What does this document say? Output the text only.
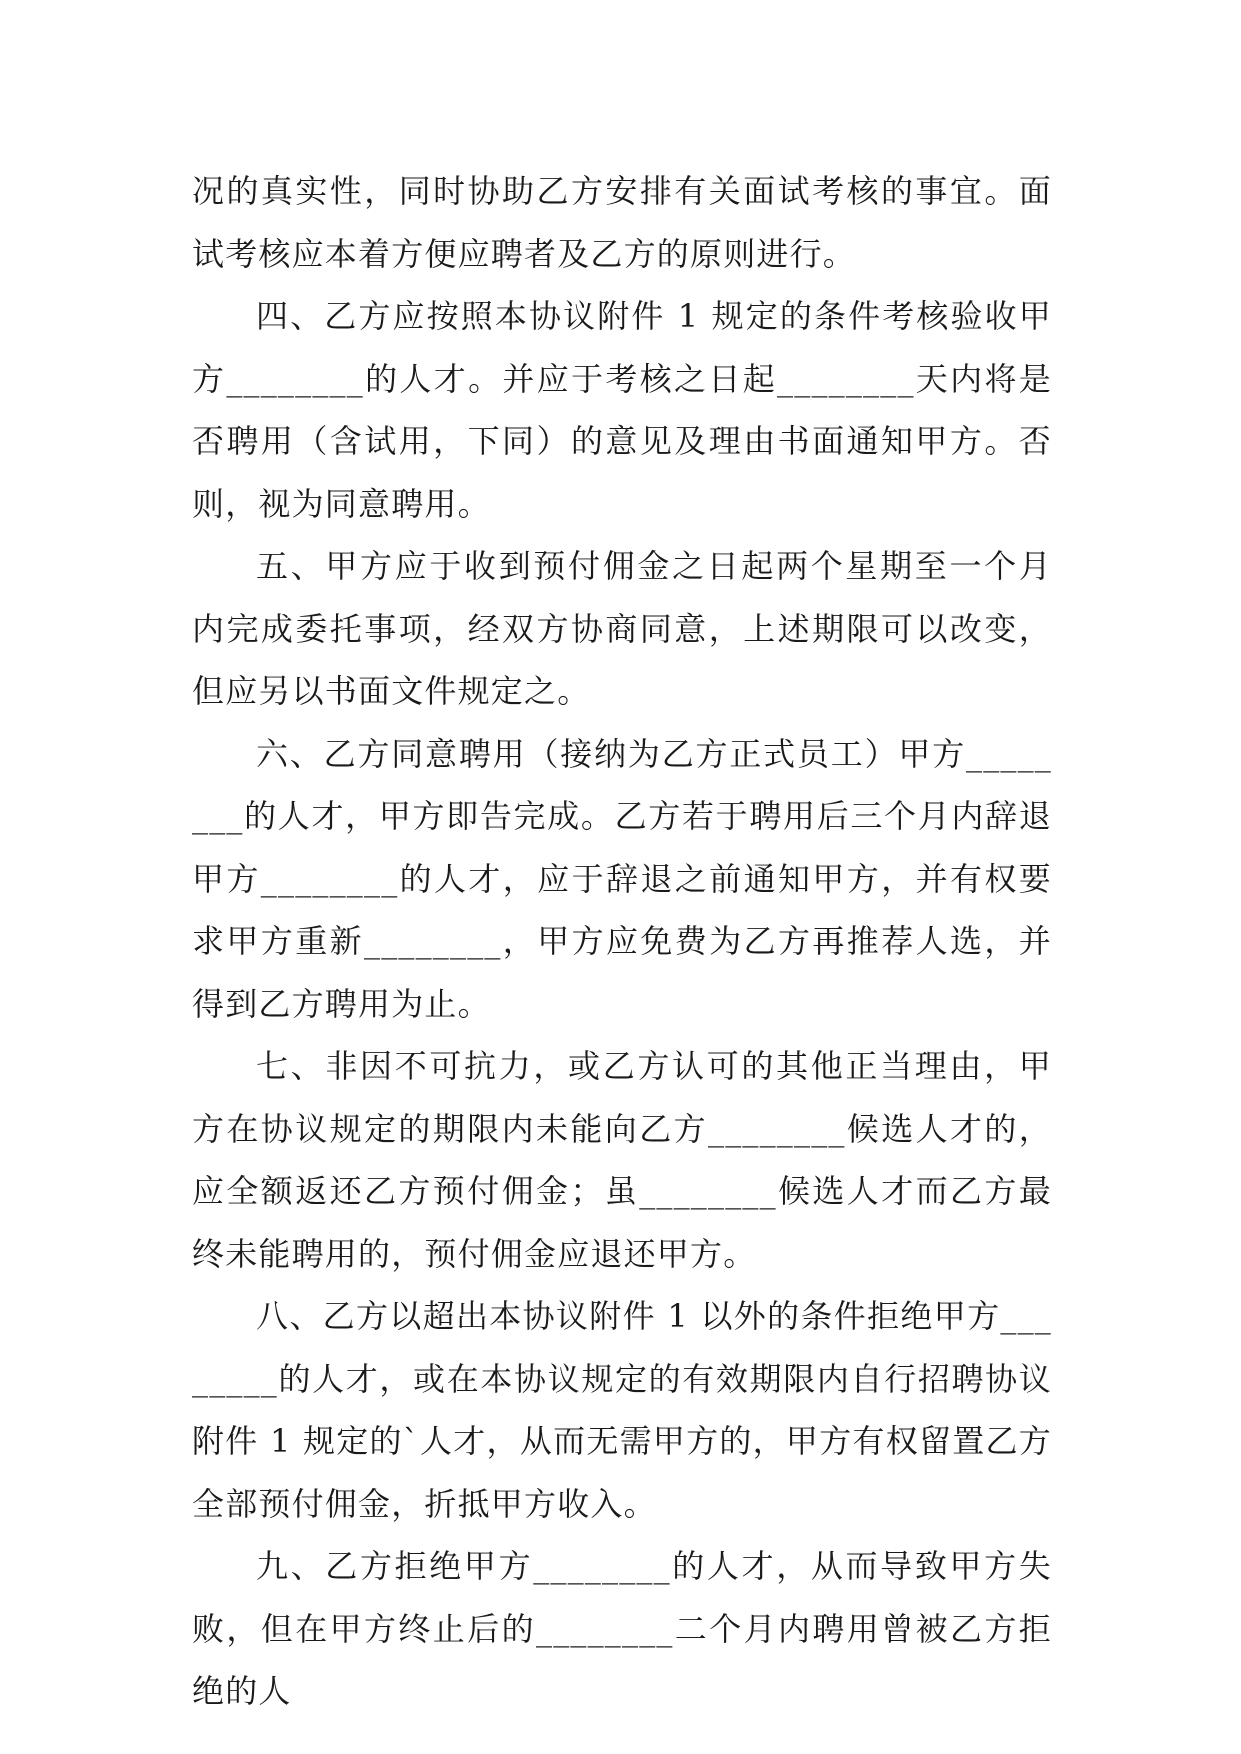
况的真实性，同时协助乙方安排有关面试考核的事宜。面试考核应本着方便应聘者及乙方的原则进行。

四、乙方应按照本协议附件 1 规定的条件考核验收甲方________的人才。并应于考核之日起________天内将是否聘用（含试用，下同）的意见及理由书面通知甲方。否则，视为同意聘用。

五、甲方应于收到预付佣金之日起两个星期至一个月内完成委托事项，经双方协商同意，上述期限可以改变，但应另以书面文件规定之。

六、乙方同意聘用（接纳为乙方正式员工）甲方________的人才，甲方即告完成。乙方若于聘用后三个月内辞退甲方________的人才，应于辞退之前通知甲方，并有权要求甲方重新________，甲方应免费为乙方再推荐人选，并得到乙方聘用为止。

七、非因不可抗力，或乙方认可的其他正当理由，甲方在协议规定的期限内未能向乙方________候选人才的，应全额返还乙方预付佣金；虽________候选人才而乙方最终未能聘用的，预付佣金应退还甲方。

八、乙方以超出本协议附件 1 以外的条件拒绝甲方________的人才，或在本协议规定的有效期限内自行招聘协议附件 1 规定的`人才，从而无需甲方的，甲方有权留置乙方全部预付佣金，折抵甲方收入。

九、乙方拒绝甲方________的人才，从而导致甲方失败，但在甲方终止后的________二个月内聘用曾被乙方拒绝的人
